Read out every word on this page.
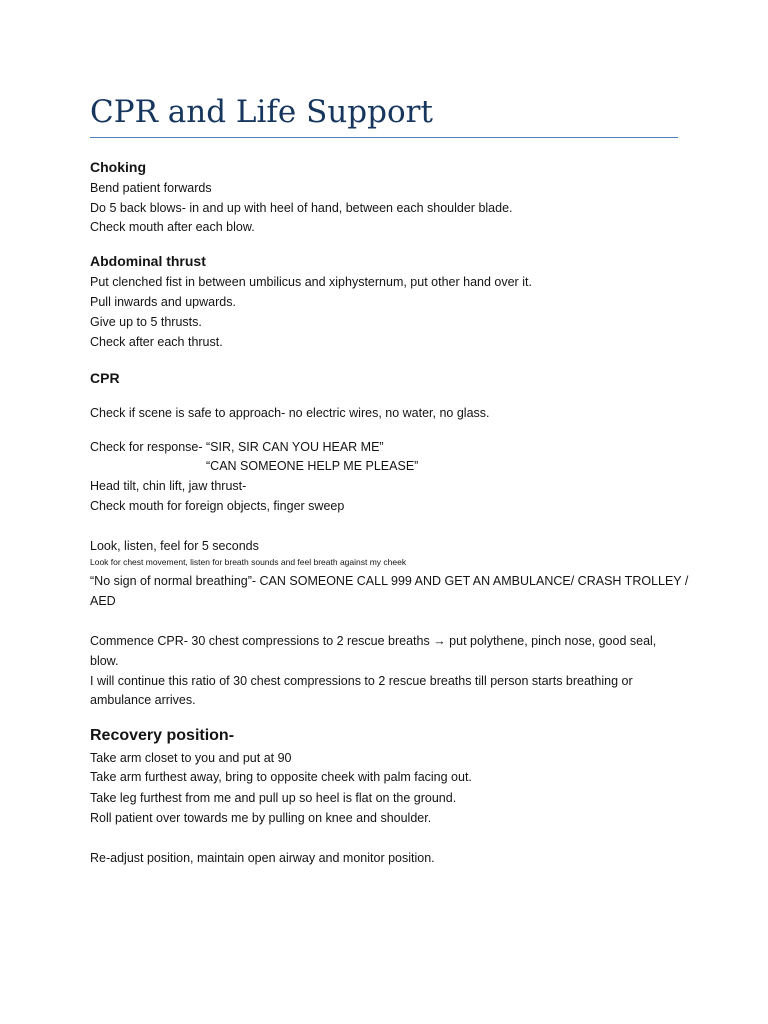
CPR and Life Support
Choking
Bend patient forwards
Do 5 back blows- in and up with heel of hand, between each shoulder blade.
Check mouth after each blow.
Abdominal thrust
Put clenched fist in between umbilicus and xiphysternum, put other hand over it.
Pull inwards and upwards.
Give up to 5 thrusts.
Check after each thrust.
CPR
Check if scene is safe to approach- no electric wires, no water, no glass.
Check for response- “SIR, SIR CAN YOU HEAR ME”
“CAN SOMEONE HELP ME PLEASE”
Head tilt, chin lift, jaw thrust-
Check mouth for foreign objects, finger sweep
Look, listen, feel for 5 seconds
Look for chest movement, listen for breath sounds and feel breath against my cheek
“No sign of normal breathing”- CAN SOMEONE CALL 999 AND GET AN AMBULANCE/ CRASH TROLLEY /
AED
Commence CPR- 30 chest compressions to 2 rescue breaths → put polythene, pinch nose, good seal,
blow.
I will continue this ratio of 30 chest compressions to 2 rescue breaths till person starts breathing or
ambulance arrives.
Recovery position-
Take arm closet to you and put at 90
Take arm furthest away, bring to opposite cheek with palm facing out.
Take leg furthest from me and pull up so heel is flat on the ground.
Roll patient over towards me by pulling on knee and shoulder.
Re-adjust position, maintain open airway and monitor position.
